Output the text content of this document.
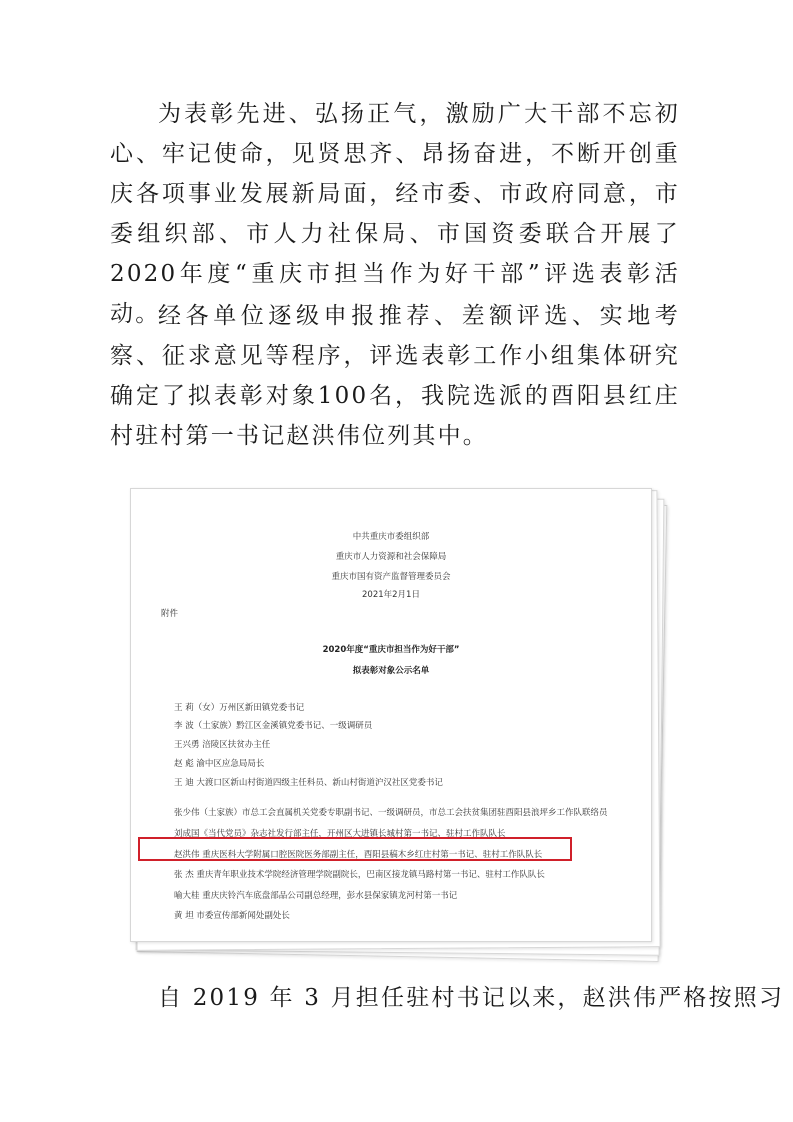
为表彰先进、弘扬正气，激励广大干部不忘初心、牢记使命，见贤思齐、昂扬奋进，不断开创重庆各项事业发展新局面，经市委、市政府同意，市委组织部、市人力社保局、市国资委联合开展了2020年度“重庆市担当作为好干部”评选表彰活动。

经各单位逐级申报推荐、差额评选、实地考察、征求意见等程序，评选表彰工作小组集体研究确定了拟表彰对象100名，我院选派的酉阳县红庄村驻村第一书记赵洪伟位列其中。

中共重庆市委组织部
重庆市人力资源和社会保障局
重庆市国有资产监督管理委员会
2021年2月1日
附件
2020年度“重庆市担当作为好干部”
拟表彰对象公示名单
王 莉（女）万州区新田镇党委书记
李 波（土家族）黔江区金溪镇党委书记、一级调研员
王兴勇 涪陵区扶贫办主任
赵 彪 渝中区应急局局长
王 迪 大渡口区新山村街道四级主任科员、新山村街道沪汉社区党委书记
张少伟（土家族）市总工会直属机关党委专职副书记、一级调研员，市总工会扶贫集团驻酉阳县浪坪乡工作队联络员
刘成国《当代党员》杂志社发行部主任，开州区大进镇长城村第一书记、驻村工作队队长
赵洪伟 重庆医科大学附属口腔医院医务部副主任，酉阳县稿木乡红庄村第一书记、驻村工作队队长
张 杰 重庆青年职业技术学院经济管理学院副院长，巴南区接龙镇马路村第一书记、驻村工作队队长
喻大桂 重庆庆铃汽车底盘部品公司副总经理，彭水县保家镇龙河村第一书记
黄 坦 市委宣传部新闻处副处长

自 2019 年 3 月担任驻村书记以来，赵洪伟严格按照习
